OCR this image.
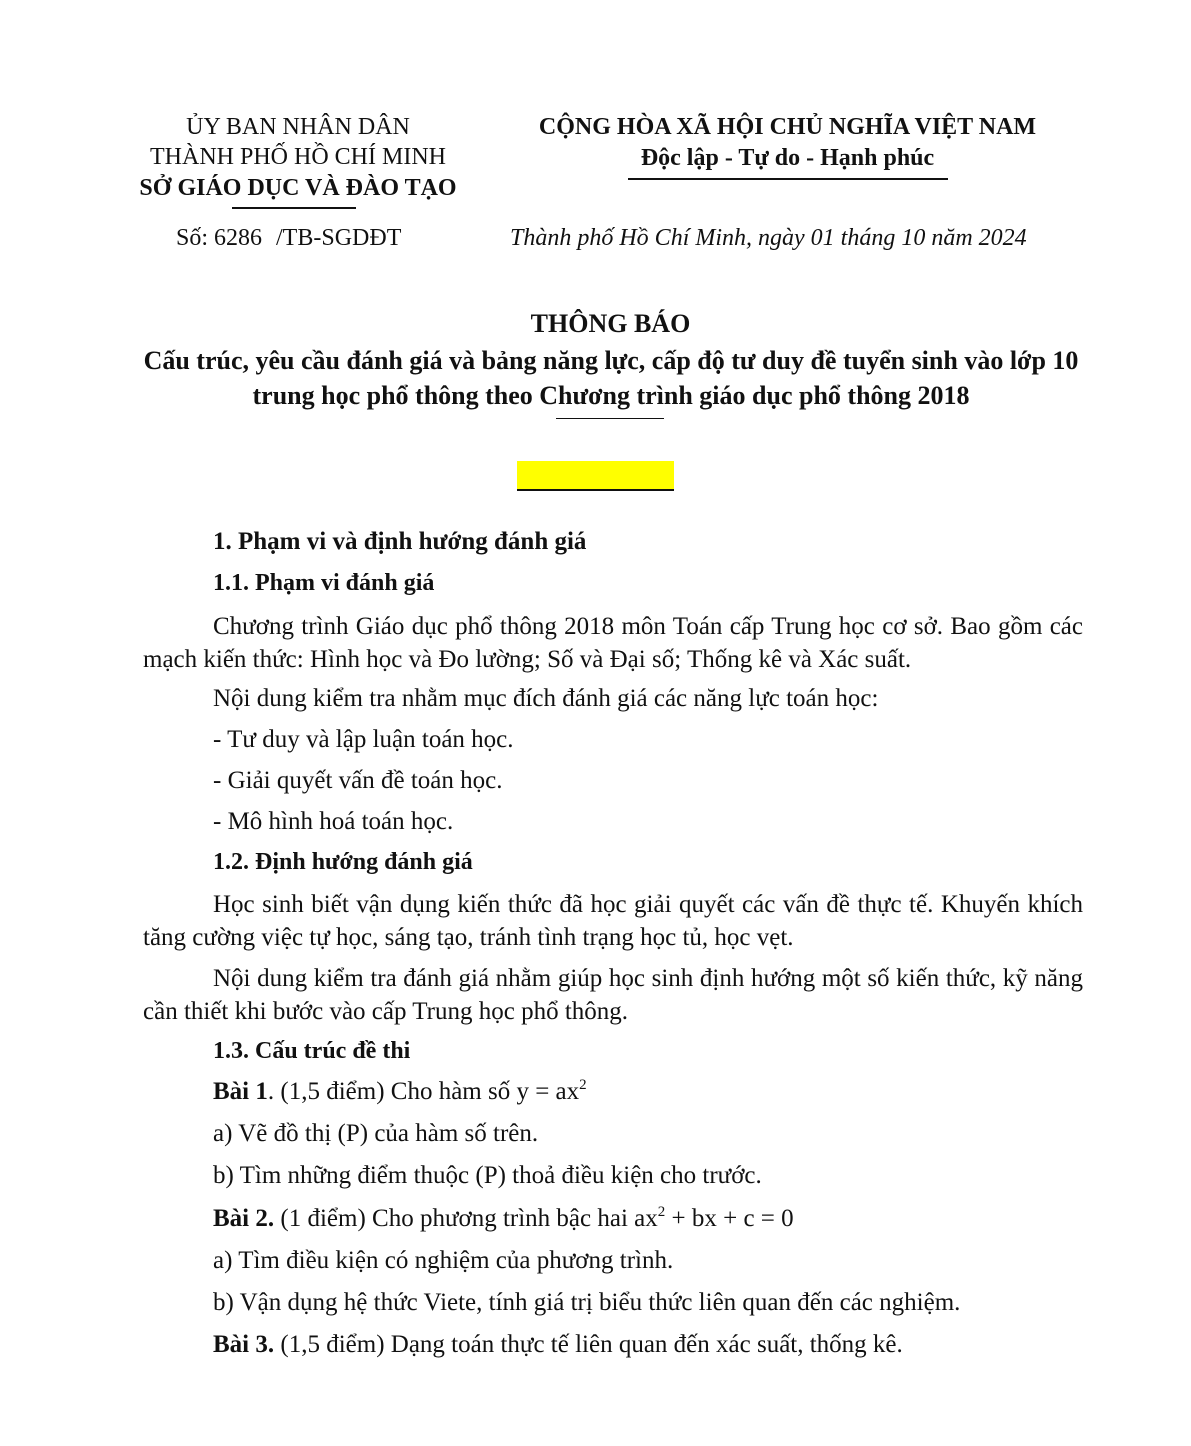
ỦY BAN NHÂN DÂN
THÀNH PHỐ HỒ CHÍ MINH
SỞ GIÁO DỤC VÀ ĐÀO TẠO
Số: 6286 /TB-SGDĐT
CỘNG HÒA XÃ HỘI CHỦ NGHĨA VIỆT NAM
Độc lập - Tự do - Hạnh phúc
Thành phố Hồ Chí Minh, ngày 01 tháng 10 năm 2024
THÔNG BÁO
Cấu trúc, yêu cầu đánh giá và bảng năng lực, cấp độ tư duy đề tuyển sinh vào lớp 10
trung học phổ thông theo Chương trình giáo dục phổ thông 2018
1. Phạm vi và định hướng đánh giá
1.1. Phạm vi đánh giá
Chương trình Giáo dục phổ thông 2018 môn Toán cấp Trung học cơ sở. Bao gồm các mạch kiến thức: Hình học và Đo lường; Số và Đại số; Thống kê và Xác suất.
Nội dung kiểm tra nhằm mục đích đánh giá các năng lực toán học:
- Tư duy và lập luận toán học.
- Giải quyết vấn đề toán học.
- Mô hình hoá toán học.
1.2. Định hướng đánh giá
Học sinh biết vận dụng kiến thức đã học giải quyết các vấn đề thực tế. Khuyến khích tăng cường việc tự học, sáng tạo, tránh tình trạng học tủ, học vẹt.
Nội dung kiểm tra đánh giá nhằm giúp học sinh định hướng một số kiến thức, kỹ năng cần thiết khi bước vào cấp Trung học phổ thông.
1.3. Cấu trúc đề thi
Bài 1. (1,5 điểm) Cho hàm số $y = ax^2$
a) Vẽ đồ thị (P) của hàm số trên.
b) Tìm những điểm thuộc (P) thoả điều kiện cho trước.
Bài 2. (1 điểm) Cho phương trình bậc hai $ax^2$ + bx + c = 0
a) Tìm điều kiện có nghiệm của phương trình.
b) Vận dụng hệ thức Viete, tính giá trị biểu thức liên quan đến các nghiệm.
Bài 3. (1,5 điểm) Dạng toán thực tế liên quan đến xác suất, thống kê.
